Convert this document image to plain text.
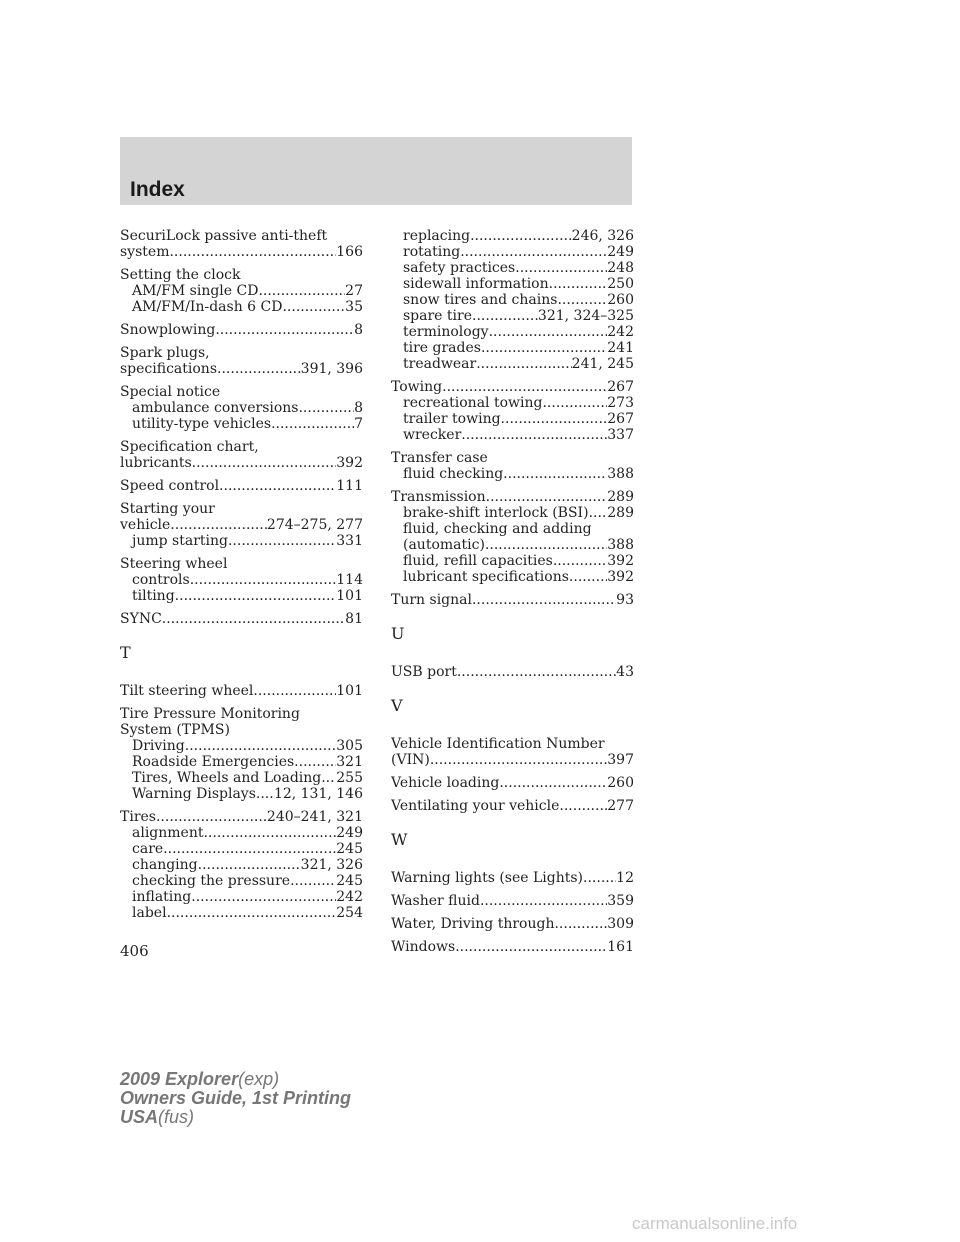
Index
SecuriLock passive anti-theft
system .....	166
Setting the clock
AM/FM single CD .....	27
AM/FM/In-dash 6 CD .....	35
Snowplowing .....	8
Spark plugs,
specifications .....	391, 396
Special notice
ambulance conversions .....	8
utility-type vehicles .....	7
Specification chart,
lubricants .....	392
Speed control .....	111
Starting your
vehicle .....	274–275, 277
jump starting .....	331
Steering wheel
controls .....	114
tilting .....	101
SYNC .....	81
T
Tilt steering wheel .....	101
Tire Pressure Monitoring
System (TPMS)
Driving .....	305
Roadside Emergencies .....	321
Tires, Wheels and Loading ..... 255
Warning Displays ..... 12, 131, 146
Tires .....	240–241, 321
alignment .....	249
care .....	245
changing .....	321, 326
checking the pressure .....	245
inflating .....	242
label .....	254
replacing .....	246, 326
rotating .....	249
safety practices .....	248
sidewall information .....	250
snow tires and chains .....	260
spare tire .....	321, 324–325
terminology .....	242
tire grades .....	241
treadwear .....	241, 245
Towing .....	267
recreational towing .....	273
trailer towing .....	267
wrecker .....	337
Transfer case
fluid checking .....	388
Transmission .....	289
brake-shift interlock (BSI) ..... 289
fluid, checking and adding
(automatic) .....	388
fluid, refill capacities .....	392
lubricant specifications .....	392
Turn signal .....	93
U
USB port .....	43
V
Vehicle Identification Number
(VIN) .....	397
Vehicle loading .....	260
Ventilating your vehicle .....	277
W
Warning lights (see Lights) ..... 12
Washer fluid .....	359
Water, Driving through .....	309
Windows .....	161
406
2009 Explorer(exp)
Owners Guide, 1st Printing
USA(fus)
carmanualsonline.info
